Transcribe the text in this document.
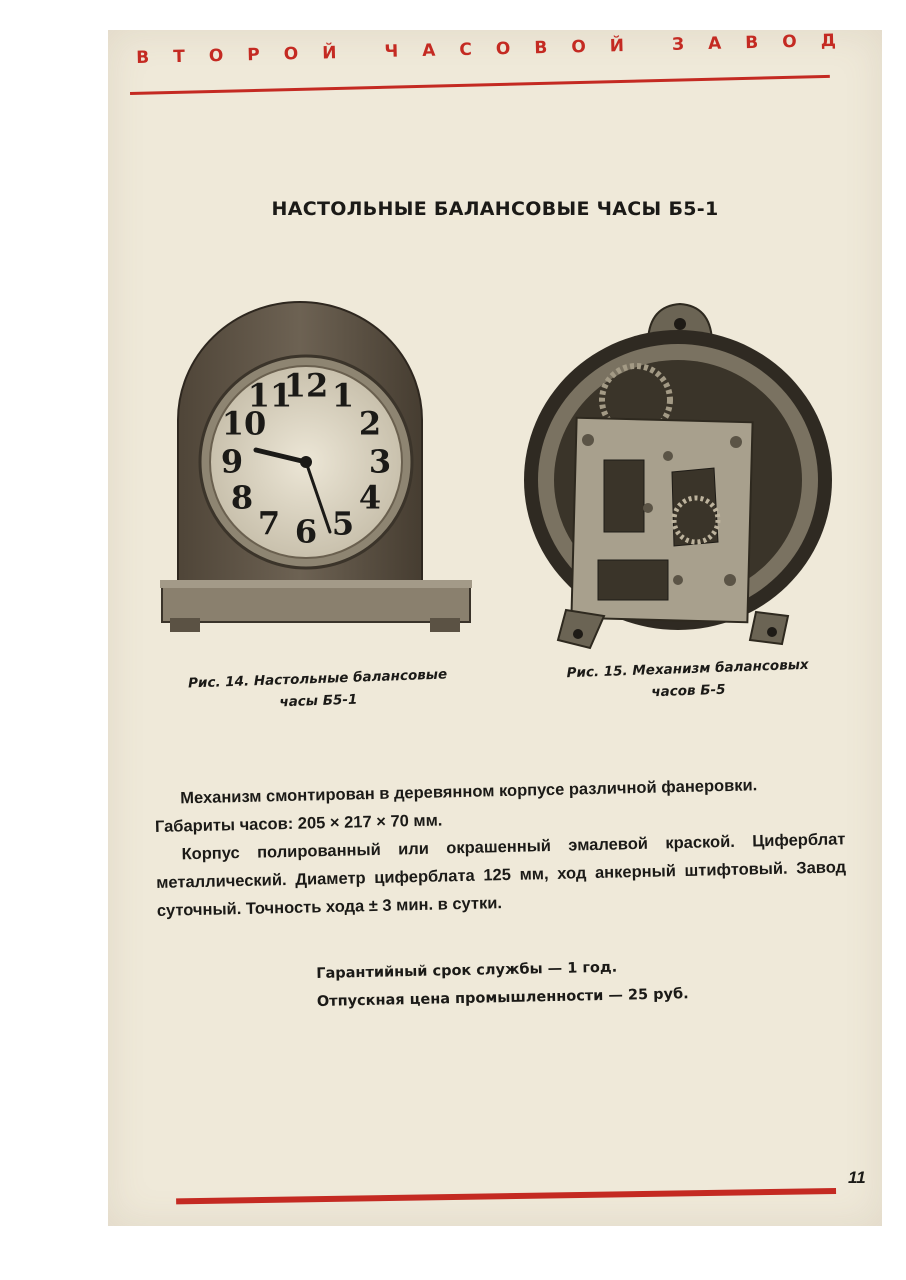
В Т О Р О Й	Ч А С О В О Й	З А В О Д
НАСТОЛЬНЫЕ БАЛАНСОВЫЕ ЧАСЫ Б5-1
12 1
2
3
4
5
6
7
8
9
10
11
Рис. 14. Настольные балансовые
часы Б5-1
Рис. 15. Механизм балансовых
часов Б-5

Механизм смонтирован в деревянном корпусе различной фанеровки.

Габариты часов: 205 × 217 × 70 мм.

Корпус полированный или окрашенный эмалевой краской. Циферблат металлический. Диаметр циферблата 125 мм, ход анкерный штифтовый. Завод суточный. Точность хода ± 3 мин. в сутки.

Гарантийный срок службы — 1 год.
Отпускная цена промышленности — 25 руб.
11
